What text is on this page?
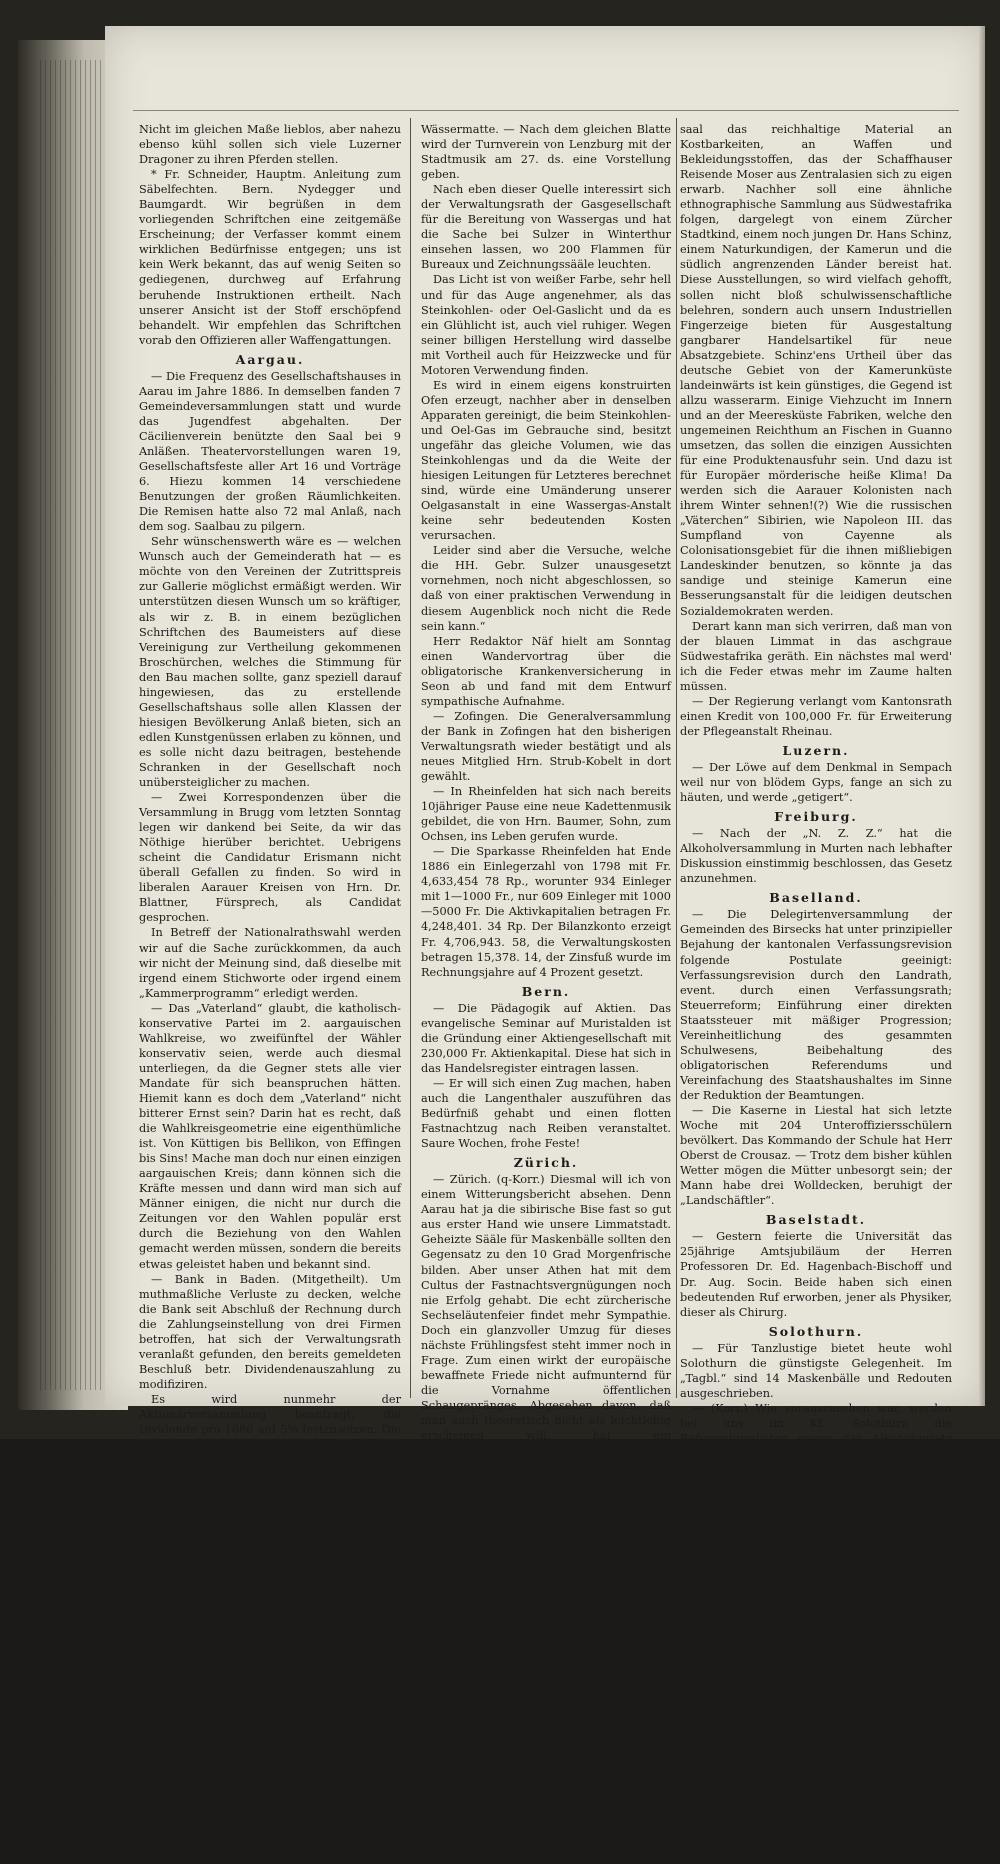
Nicht im gleichen Maße lieblos, aber nahezu ebenso kühl sollen sich viele Luzerner Dragoner zu ihren Pferden stellen.

* Fr. Schneider, Hauptm. Anleitung zum Säbelfechten. Bern. Nydegger und Baumgardt. Wir begrüßen in dem vorliegenden Schriftchen eine zeitgemäße Erscheinung; der Verfasser kommt einem wirklichen Bedürfnisse entgegen; uns ist kein Werk bekannt, das auf wenig Seiten so gediegenen, durchweg auf Erfahrung beruhende Instruktionen ertheilt. Nach unserer Ansicht ist der Stoff erschöpfend behandelt. Wir empfehlen das Schriftchen vorab den Offizieren aller Waffengattungen.

Aargau.

— Die Frequenz des Gesellschaftshauses in Aarau im Jahre 1886. In demselben fanden 7 Gemeindeversammlungen statt und wurde das Jugendfest abgehalten. Der Cäcilienverein benützte den Saal bei 9 Anläßen. Theatervorstellungen waren 19, Gesellschaftsfeste aller Art 16 und Vorträge 6. Hiezu kommen 14 verschiedene Benutzungen der großen Räumlichkeiten. Die Remisen hatte also 72 mal Anlaß, nach dem sog. Saalbau zu pilgern.

Sehr wünschenswerth wäre es — welchen Wunsch auch der Gemeinderath hat — es möchte von den Vereinen der Zutrittspreis zur Gallerie möglichst ermäßigt werden. Wir unterstützen diesen Wunsch um so kräftiger, als wir z. B. in einem bezüglichen Schriftchen des Baumeisters auf diese Vereinigung zur Vertheilung gekommenen Broschürchen, welches die Stimmung für den Bau machen sollte, ganz speziell darauf hingewiesen, das zu erstellende Gesellschaftshaus solle allen Klassen der hiesigen Bevölkerung Anlaß bieten, sich an edlen Kunstgenüssen erlaben zu können, und es solle nicht dazu beitragen, bestehende Schranken in der Gesellschaft noch unübersteiglicher zu machen.

— Zwei Korrespondenzen über die Versammlung in Brugg vom letzten Sonntag legen wir dankend bei Seite, da wir das Nöthige hierüber berichtet. Uebrigens scheint die Candidatur Erismann nicht überall Gefallen zu finden. So wird in liberalen Aarauer Kreisen von Hrn. Dr. Blattner, Fürsprech, als Candidat gesprochen.

In Betreff der Nationalrathswahl werden wir auf die Sache zurückkommen, da auch wir nicht der Meinung sind, daß dieselbe mit irgend einem Stichworte oder irgend einem „Kammerprogramm“ erledigt werden.

— Das „Vaterland“ glaubt, die katholisch-konservative Partei im 2. aargauischen Wahlkreise, wo zweifünftel der Wähler konservativ seien, werde auch diesmal unterliegen, da die Gegner stets alle vier Mandate für sich beanspruchen hätten. Hiemit kann es doch dem „Vaterland“ nicht bitterer Ernst sein? Darin hat es recht, daß die Wahlkreisgeometrie eine eigenthümliche ist. Von Küttigen bis Bellikon, von Effingen bis Sins! Mache man doch nur einen einzigen aargauischen Kreis; dann können sich die Kräfte messen und dann wird man sich auf Männer einigen, die nicht nur durch die Zeitungen vor den Wahlen populär erst durch die Beziehung von den Wahlen gemacht werden müssen, sondern die bereits etwas geleistet haben und bekannt sind.

— Bank in Baden. (Mitgetheilt). Um muthmaßliche Verluste zu decken, welche die Bank seit Abschluß der Rechnung durch die Zahlungseinstellung von drei Firmen betroffen, hat sich der Verwaltungsrath veranlaßt gefunden, den bereits gemeldeten Beschluß betr. Dividendenauszahlung zu modifiziren.

Es wird nunmehr der Aktionärversammlung beantragt, die Dividende pro 1886 auf 5% festzusetzen. Die Abschreibungen auf Bankgebäude und Mobilien, sowie die Dotirung des Reserve-Conto werden dadurch in keiner Weise berührt, dagegen Fr. 20,000 als Verlustreserve auf neue Rechnung vorgetragen.

— Schöftland. (Corresp.) Die am 20. courant stattgefundene Versammlung der Aktionäre der Spar- und Creditkasse Suhrenthal war nicht gerade zahlreich besucht, was von einem großen Vertrauen gegenüber den Verwaltungsorganen zeugt.

Die vorgelegte Rechnung wurde denn auch nach Aeußerung des Berichtes der Censoren einstimmig genehmigt und Zins und Dividende für 1886, wie früherer Jahre auf 6% bestimmt, so daß der Coupon Nr. 5 von heute an mit Fr. 30 eingelöst wird.

Die Telephonverbindung mit Aarau steht wirklich in Sicht. Bereits haben sich die nöthigen Abonnenten gefunden. Der definitive Beschluß soll diese Woche vollzogen.

— Auch in Lenzburg sind nach dem „Aargauer“ Staaren beobachtet worden. Gestern sahen wir einen starken Flug auf einer bloßen

Wässermatte. — Nach dem gleichen Blatte wird der Turnverein von Lenzburg mit der Stadtmusik am 27. ds. eine Vorstellung geben.

Nach eben dieser Quelle interessirt sich der Verwaltungsrath der Gasgesellschaft für die Bereitung von Wassergas und hat die Sache bei Sulzer in Winterthur einsehen lassen, wo 200 Flammen für Bureaux und Zeichnungssääle leuchten.

Das Licht ist von weißer Farbe, sehr hell und für das Auge angenehmer, als das Steinkohlen- oder Oel-Gaslicht und da es ein Glühlicht ist, auch viel ruhiger. Wegen seiner billigen Herstellung wird dasselbe mit Vortheil auch für Heizzwecke und für Motoren Verwendung finden.

Es wird in einem eigens konstruirten Ofen erzeugt, nachher aber in denselben Apparaten gereinigt, die beim Steinkohlen- und Oel-Gas im Gebrauche sind, besitzt ungefähr das gleiche Volumen, wie das Steinkohlengas und da die Weite der hiesigen Leitungen für Letzteres berechnet sind, würde eine Umänderung unserer Oelgasanstalt in eine Wassergas-Anstalt keine sehr bedeutenden Kosten verursachen.

Leider sind aber die Versuche, welche die HH. Gebr. Sulzer unausgesetzt vornehmen, noch nicht abgeschlossen, so daß von einer praktischen Verwendung in diesem Augenblick noch nicht die Rede sein kann.“

Herr Redaktor Näf hielt am Sonntag einen Wandervortrag über die obligatorische Krankenversicherung in Seon ab und fand mit dem Entwurf sympathische Aufnahme.

— Zofingen. Die Generalversammlung der Bank in Zofingen hat den bisherigen Verwaltungsrath wieder bestätigt und als neues Mitglied Hrn. Strub-Kobelt in dort gewählt.

— In Rheinfelden hat sich nach bereits 10jähriger Pause eine neue Kadettenmusik gebildet, die von Hrn. Baumer, Sohn, zum Ochsen, ins Leben gerufen wurde.

— Die Sparkasse Rheinfelden hat Ende 1886 ein Einlegerzahl von 1798 mit Fr. 4,633,454 78 Rp., worunter 934 Einleger mit 1—1000 Fr., nur 609 Einleger mit 1000—5000 Fr. Die Aktivkapitalien betragen Fr. 4,248,401. 34 Rp. Der Bilanzkonto erzeigt Fr. 4,706,943. 58, die Verwaltungskosten betragen 15,378. 14, der Zinsfuß wurde im Rechnungsjahre auf 4 Prozent gesetzt.

Bern.

— Die Pädagogik auf Aktien. Das evangelische Seminar auf Muristalden ist die Gründung einer Aktiengesellschaft mit 230,000 Fr. Aktienkapital. Diese hat sich in das Handelsregister eintragen lassen.

— Er will sich einen Zug machen, haben auch die Langenthaler auszuführen das Bedürfniß gehabt und einen flotten Fastnachtzug nach Reiben veranstaltet. Saure Wochen, frohe Feste!

Zürich.

— Zürich. (q-Korr.) Diesmal will ich von einem Witterungsbericht absehen. Denn Aarau hat ja die sibirische Bise fast so gut aus erster Hand wie unsere Limmatstadt. Geheizte Sääle für Maskenbälle sollten den Gegensatz zu den 10 Grad Morgenfrische bilden. Aber unser Athen hat mit dem Cultus der Fastnachtsvergnügungen noch nie Erfolg gehabt. Die echt zürcherische Sechseläutenfeier findet mehr Sympathie. Doch ein glanzvoller Umzug für dieses nächste Frühlingsfest steht immer noch in Frage. Zum einen wirkt der europäische bewaffnete Friede nicht aufmunternd für die Vornahme öffentlichen Schaugepränges. Abgesehen davon, daß man auch theoretisch nicht als leichtlebig erscheinen will, hat ein Festzugarrangement eben auch finanziell bedeutende praktische spürbare Folgen. Hiermit soll nicht etwa eine schief gewickelte Anspielung auf die Aarauer Kamerun-Expedition gemacht sein wollen. Zum andern will man einen verallgemeinten, d. h. für alle Zünfte verbindlichen Festprogramm für das nächste Sechseleuten, ohne anders einverleiben: Einweihung des neuen Seequais, — zu welchem Behufe dann auch die Quai-Mitgemeinden Enge und Riesbach sich an der Festgestaltung betheiligen sollten. Und nun lautet ein gegnerischer Einwurf wider diese Unterlage der Feier: Was will man die Schellegi oder den Krähhahnen festlich begehen, während die Arbeit des Quaiausbaues noch bei weitem nicht beendigt ist?

Von nicht zu unterschätzender Bedeutung sind die Ausstellungen von Gegenständen geographischer Forschungsreisen. Da löst eine werthvolle Sammlung die andere ab. Zuerst folgt diejenige des Hrn. Professor Dr. Keller, der kürzlich aus Madagaskar heimgebracht hat. Gegenwärtig ziert unsern schönen Börsen-

saal das reichhaltige Material an Kostbarkeiten, an Waffen und Bekleidungsstoffen, das der Schaffhauser Reisende Moser aus Zentralasien sich zu eigen erwarb. Nachher soll eine ähnliche ethnographische Sammlung aus Südwestafrika folgen, dargelegt von einem Zürcher Stadtkind, einem noch jungen Dr. Hans Schinz, einem Naturkundigen, der Kamerun und die südlich angrenzenden Länder bereist hat. Diese Ausstellungen, so wird vielfach gehofft, sollen nicht bloß schulwissenschaftliche belehren, sondern auch unsern Industriellen Fingerzeige bieten für Ausgestaltung gangbarer Handelsartikel für neue Absatzgebiete. Schinz'ens Urtheil über das deutsche Gebiet von der Kamerunküste landeinwärts ist kein günstiges, die Gegend ist allzu wasserarm. Einige Viehzucht im Innern und an der Meeresküste Fabriken, welche den ungemeinen Reichthum an Fischen in Guanno umsetzen, das sollen die einzigen Aussichten für eine Produktenausfuhr sein. Und dazu ist für Europäer mörderische heiße Klima! Da werden sich die Aarauer Kolonisten nach ihrem Winter sehnen!(?) Wie die russischen „Väterchen“ Sibirien, wie Napoleon III. das Sumpfland von Cayenne als Colonisationsgebiet für die ihnen mißliebigen Landeskinder benutzen, so könnte ja das sandige und steinige Kamerun eine Besserungsanstalt für die leidigen deutschen Sozialdemokraten werden.

Derart kann man sich verirren, daß man von der blauen Limmat in das aschgraue Südwestafrika geräth. Ein nächstes mal werd' ich die Feder etwas mehr im Zaume halten müssen.

— Der Regierung verlangt vom Kantonsrath einen Kredit von 100,000 Fr. für Erweiterung der Pflegeanstalt Rheinau.

Luzern.

— Der Löwe auf dem Denkmal in Sempach weil nur von blödem Gyps, fange an sich zu häuten, und werde „getigert“.

Freiburg.

— Nach der „N. Z. Z.“ hat die Alkoholversammlung in Murten nach lebhafter Diskussion einstimmig beschlossen, das Gesetz anzunehmen.

Baselland.

— Die Delegirtenversammlung der Gemeinden des Birsecks hat unter prinzipieller Bejahung der kantonalen Verfassungsrevision folgende Postulate geeinigt: Verfassungsrevision durch den Landrath, event. durch einen Verfassungsrath; Steuerreform; Einführung einer direkten Staatssteuer mit mäßiger Progression; Vereinheitlichung des gesammten Schulwesens, Beibehaltung des obligatorischen Referendums und Vereinfachung des Staatshaushaltes im Sinne der Reduktion der Beamtungen.

— Die Kaserne in Liestal hat sich letzte Woche mit 204 Unteroffiziersschülern bevölkert. Das Kommando der Schule hat Herr Oberst de Crousaz. — Trotz dem bisher kühlen Wetter mögen die Mütter unbesorgt sein; der Mann habe drei Wolldecken, beruhigt der „Landschäftler“.

Baselstadt.

— Gestern feierte die Universität das 25jährige Amtsjubiläum der Herren Professoren Dr. Ed. Hagenbach-Bischoff und Dr. Aug. Socin. Beide haben sich einen bedeutenden Ruf erworben, jener als Physiker, dieser als Chirurg.

Solothurn.

— Für Tanzlustige bietet heute wohl Solothurn die günstigste Gelegenheit. Im „Tagbl.“ sind 14 Maskenbälle und Redouten ausgeschrieben.

— (Korr.) Wie vorauszusehen war, werden bei uns im Kt. Solothurn die Referendumslisten gegen das Alkoholgesetz zahlreich unterschrieben. In einzelnen Gemeinden des Leberbergs und im Wasseramt sollen mehr als die Hälfte der Stimmberechtigten auf den bezüglichen Unterschriftenbogen erschienen. Ohne im Geringsten diese geschäftige Betheiligung beim Sturm gegen das Alkoholmonopol bemäkeln zu wollen oder gar die verfassungsgemäßen Rechte des freien Schweizerbürgers wegen dessen Ausübung zu bekriteln, muß doch anerkannt werden, daß diese gut gefüllten Unterschriftenbogen ein etwas eigenthümliches Licht auf viele unserer Gemeinden werfen; denn es kann nach Schluß der Unterschriftensammlung gewiß konstatirt werden, daß gerade aus jenen Ortschaften, in welchen der Schnapsteufel ungehindert sein böses Wesen treibt, zahlreiche Unterschriften gesammelt werden konnten. Es gibt Gemeinden bei uns, in welchen den ganzen Winter hindurch in 2, 3 und noch mehr größern Brennereien darauf losgebrannt und aus Kartoffeln, Getreide, Mehl eine Unmasse Schnaps bereitet wird. Außerdem trifft man in den nämlichen Ortschaften dann noch eine ganze Menge kleinere
